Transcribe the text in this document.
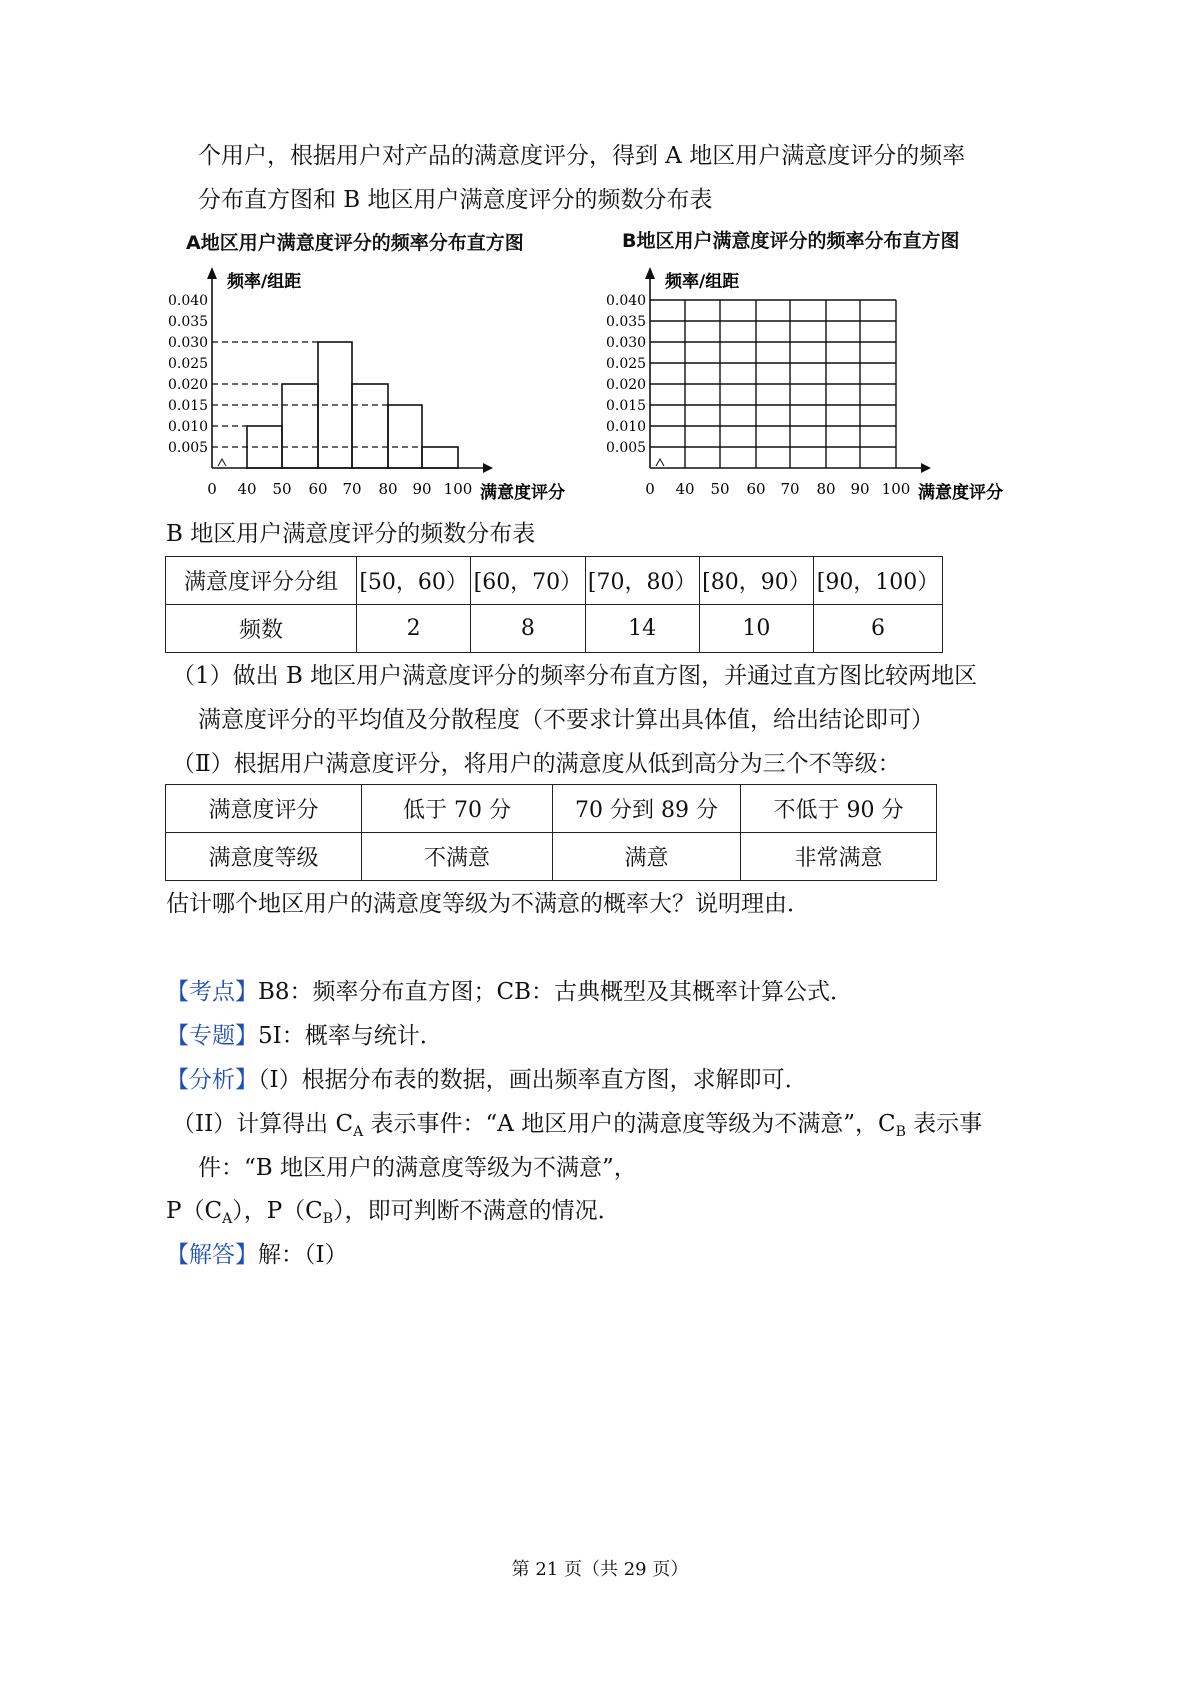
个用户，根据用户对产品的满意度评分，得到 A 地区用户满意度评分的频率
分布直方图和 B 地区用户满意度评分的频数分布表
A地区用户满意度评分的频率分布直方图
频率/组距
满意度评分
0.005
0.010
0.015
0.020
0.025
0.030
0.035
0.040
0 40 50 60 70 80 90 100
B地区用户满意度评分的频率分布直方图
频率/组距
满意度评分
0.005
0.010
0.015
0.020
0.025
0.030
0.035
0.040
0 40 50 60 70 80 90 100
B 地区用户满意度评分的频数分布表
满意度评分分组	[50，60）	[60，70）	[70，80）	[80，90）	[90，100）
频数	2	8	14	10	6
（1）做出 B 地区用户满意度评分的频率分布直方图，并通过直方图比较两地区
满意度评分的平均值及分散程度（不要求计算出具体值，给出结论即可）
（Ⅱ）根据用户满意度评分，将用户的满意度从低到高分为三个不等级：
满意度评分	低于 70 分	70 分到 89 分	不低于 90 分
满意度等级	不满意	满意	非常满意
估计哪个地区用户的满意度等级为不满意的概率大？说明理由．
【考点】B8：频率分布直方图；CB：古典概型及其概率计算公式．
【专题】5I：概率与统计．
【分析】（I）根据分布表的数据，画出频率直方图，求解即可．
（II）计算得出 $C_A$ 表示事件：“A 地区用户的满意度等级为不满意”，$C_B$ 表示事
件：“B 地区用户的满意度等级为不满意”，
$P(C_A)$，$P(C_B)$，即可判断不满意的情况．
【解答】解：（Ⅰ）
第 21 页（共 29 页）
